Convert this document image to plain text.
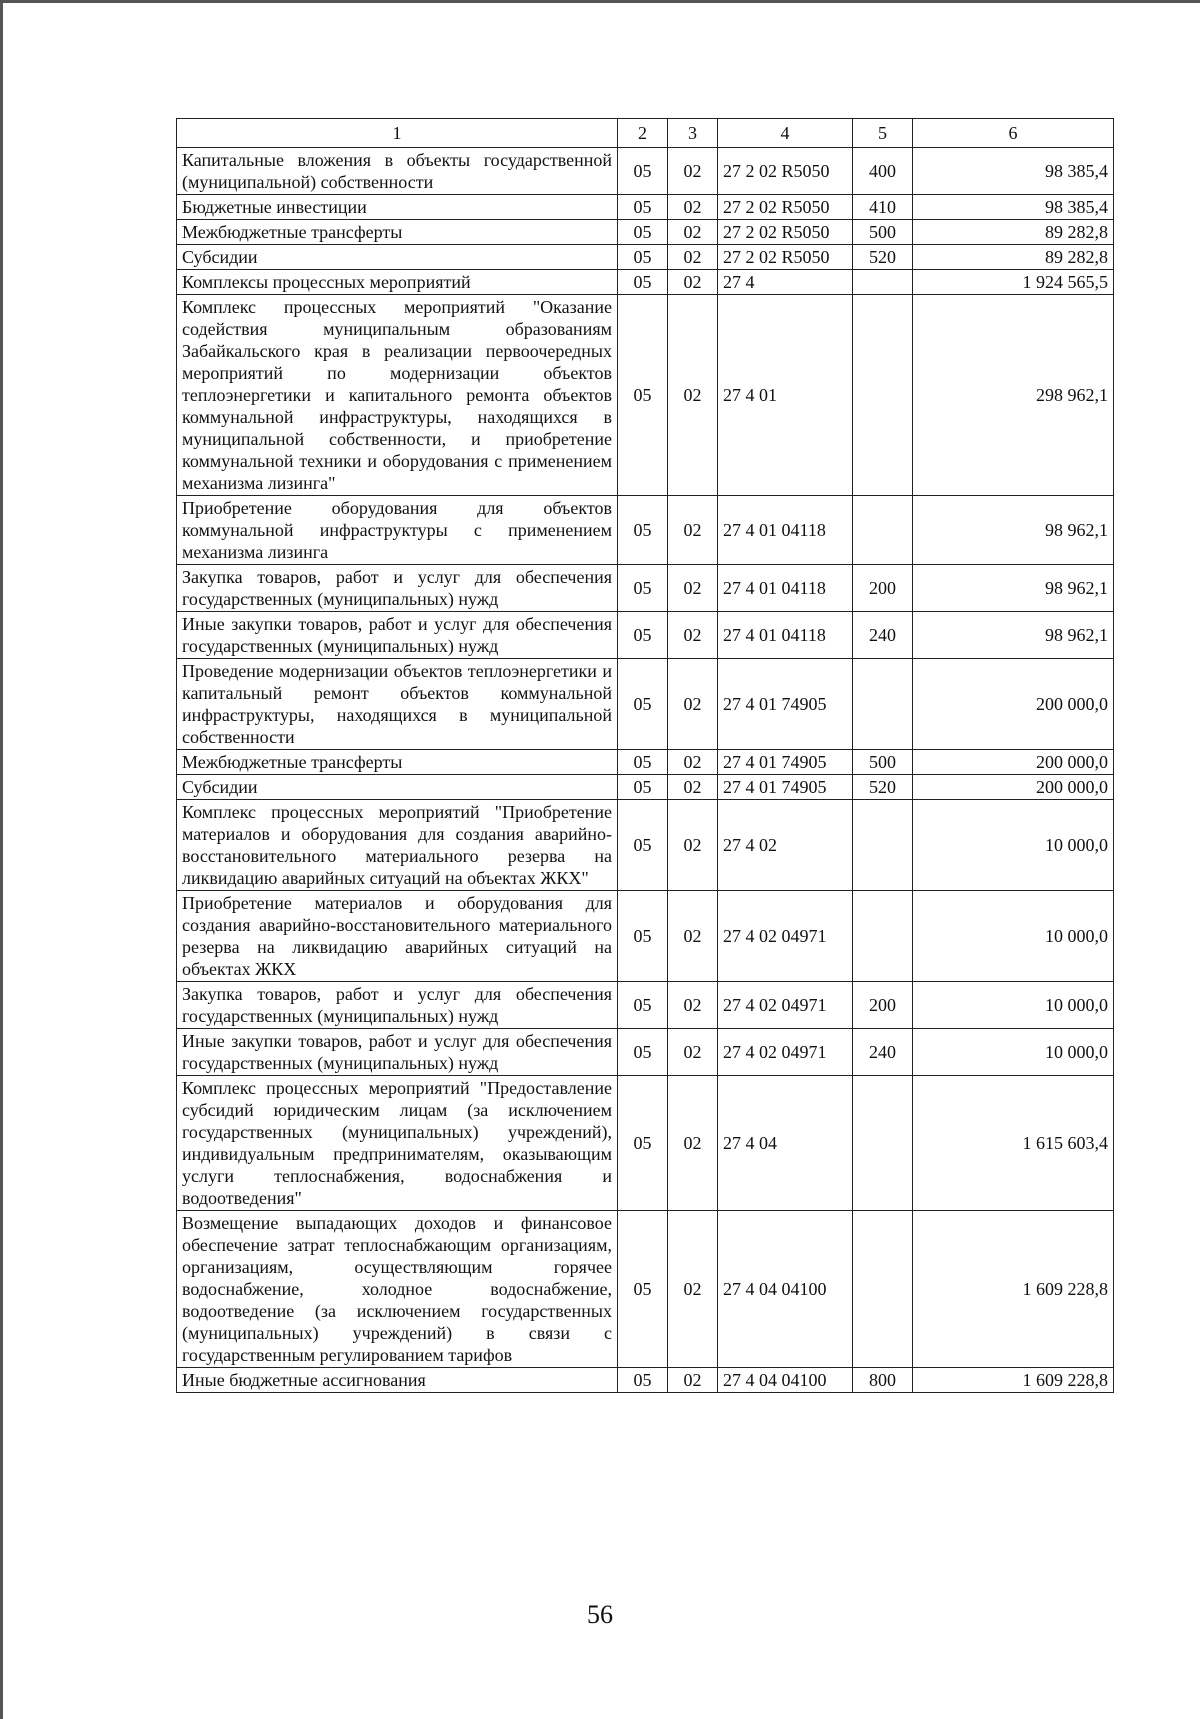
1	2	3	4	5	6
Капитальные вложения в объекты государственной (муниципальной) собственности	05	02	27 2 02 R5050	400	98 385,4
Бюджетные инвестиции	05	02	27 2 02 R5050	410	98 385,4
Межбюджетные трансферты	05	02	27 2 02 R5050	500	89 282,8
Субсидии	05	02	27 2 02 R5050	520	89 282,8
Комплексы процессных мероприятий	05	02	27 4		1 924 565,5
Комплекс процессных мероприятий "Оказание содействия муниципальным образованиям Забайкальского края в реализации первоочередных мероприятий по модернизации объектов теплоэнергетики и капитального ремонта объектов коммунальной инфраструктуры, находящихся в муниципальной собственности, и приобретение коммунальной техники и оборудования с применением механизма лизинга"	05	02	27 4 01		298 962,1
Приобретение оборудования для объектов коммунальной инфраструктуры с применением механизма лизинга	05	02	27 4 01 04118		98 962,1
Закупка товаров, работ и услуг для обеспечения государственных (муниципальных) нужд	05	02	27 4 01 04118	200	98 962,1
Иные закупки товаров, работ и услуг для обеспечения государственных (муниципальных) нужд	05	02	27 4 01 04118	240	98 962,1
Проведение модернизации объектов теплоэнергетики и капитальный ремонт объектов коммунальной инфраструктуры, находящихся в муниципальной собственности	05	02	27 4 01 74905		200 000,0
Межбюджетные трансферты	05	02	27 4 01 74905	500	200 000,0
Субсидии	05	02	27 4 01 74905	520	200 000,0
Комплекс процессных мероприятий "Приобретение материалов и оборудования для создания аварийно-восстановительного материального резерва на ликвидацию аварийных ситуаций на объектах ЖКХ"	05	02	27 4 02		10 000,0
Приобретение материалов и оборудования для создания аварийно-восстановительного материального резерва на ликвидацию аварийных ситуаций на объектах ЖКХ	05	02	27 4 02 04971		10 000,0
Закупка товаров, работ и услуг для обеспечения государственных (муниципальных) нужд	05	02	27 4 02 04971	200	10 000,0
Иные закупки товаров, работ и услуг для обеспечения государственных (муниципальных) нужд	05	02	27 4 02 04971	240	10 000,0
Комплекс процессных мероприятий "Предоставление субсидий юридическим лицам (за исключением государственных (муниципальных) учреждений), индивидуальным предпринимателям, оказывающим услуги теплоснабжения, водоснабжения и водоотведения"	05	02	27 4 04		1 615 603,4
Возмещение выпадающих доходов и финансовое обеспечение затрат теплоснабжающим организациям, организациям, осуществляющим горячее водоснабжение, холодное водоснабжение, водоотведение (за исключением государственных (муниципальных) учреждений) в связи с государственным регулированием тарифов	05	02	27 4 04 04100		1 609 228,8
Иные бюджетные ассигнования	05	02	27 4 04 04100	800	1 609 228,8
56
